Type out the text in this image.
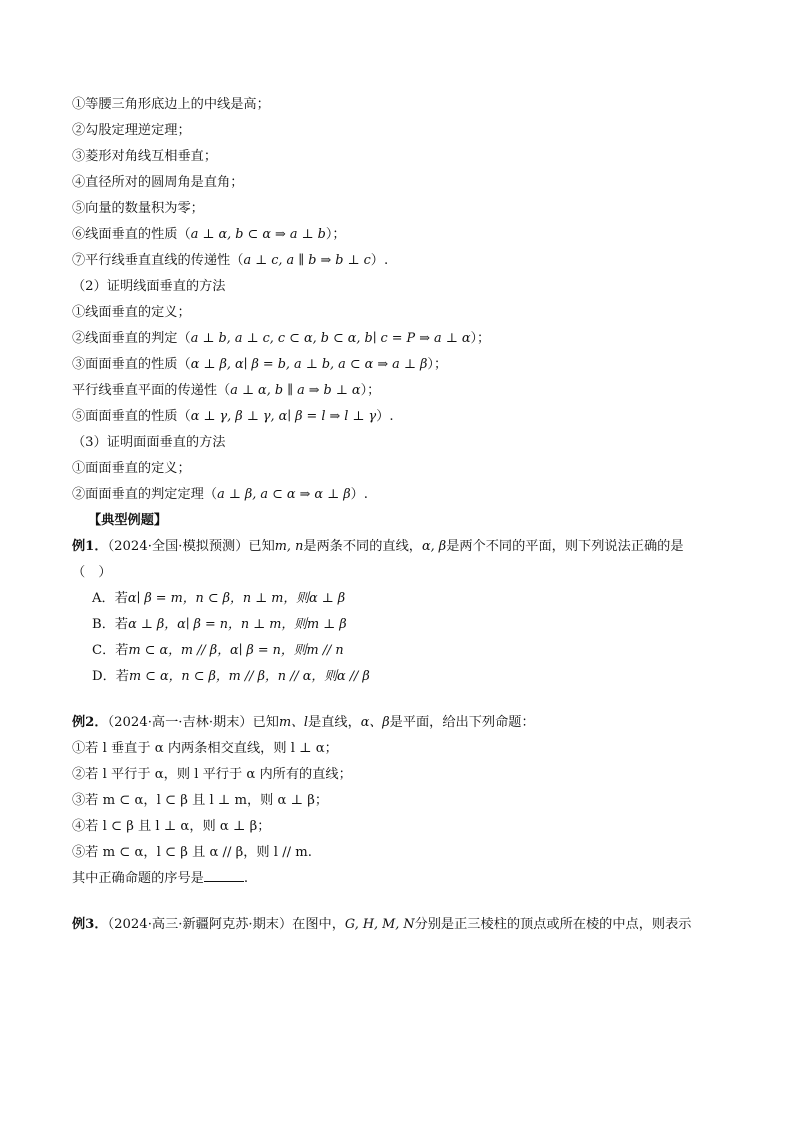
①等腰三角形底边上的中线是高；
②勾股定理逆定理；
③菱形对角线互相垂直；
④直径所对的圆周角是直角；
⑤向量的数量积为零；
⑥线面垂直的性质（a ⊥ α, b ⊂ α ⇒ a ⊥ b）；
⑦平行线垂直直线的传递性（a ⊥ c, a ∥ b ⇒ b ⊥ c）.
（2）证明线面垂直的方法
①线面垂直的定义；
②线面垂直的判定（a ⊥ b, a ⊥ c, c ⊂ α, b ⊂ α, b∣ c = P ⇒ a ⊥ α）；
③面面垂直的性质（α ⊥ β, α∣ β = b, a ⊥ b, a ⊂ α ⇒ a ⊥ β）；
平行线垂直平面的传递性（a ⊥ α, b ∥ a ⇒ b ⊥ α）；
⑤面面垂直的性质（α ⊥ γ, β ⊥ γ, α∣ β = l ⇒ l ⊥ γ）.
（3）证明面面垂直的方法
①面面垂直的定义；
②面面垂直的判定定理（a ⊥ β, a ⊂ α ⇒ α ⊥ β）.
【典型例题】
例1．（2024·全国·模拟预测）已知m, n是两条不同的直线，α, β是两个不同的平面，则下列说法正确的是
（　）
A．若α∣ β = m，n ⊂ β，n ⊥ m，则α ⊥ β
B．若α ⊥ β，α∣ β = n，n ⊥ m，则m ⊥ β
C．若m ⊂ α，m // β，α∣ β = n，则m // n
D．若m ⊂ α，n ⊂ β，m // β，n // α，则α // β
例2．（2024·高一·吉林·期末）已知m、l是直线，α、β是平面，给出下列命题：
①若 l 垂直于 α 内两条相交直线，则 l ⊥ α；
②若 l 平行于 α，则 l 平行于 α 内所有的直线；
③若 m ⊂ α，l ⊂ β 且 l ⊥ m，则 α ⊥ β；
④若 l ⊂ β 且 l ⊥ α，则 α ⊥ β；
⑤若 m ⊂ α，l ⊂ β 且 α // β，则 l // m.
其中正确命题的序号是	.
例3．（2024·高三·新疆阿克苏·期末）在图中，G, H, M, N分别是正三棱柱的顶点或所在棱的中点，则表示
